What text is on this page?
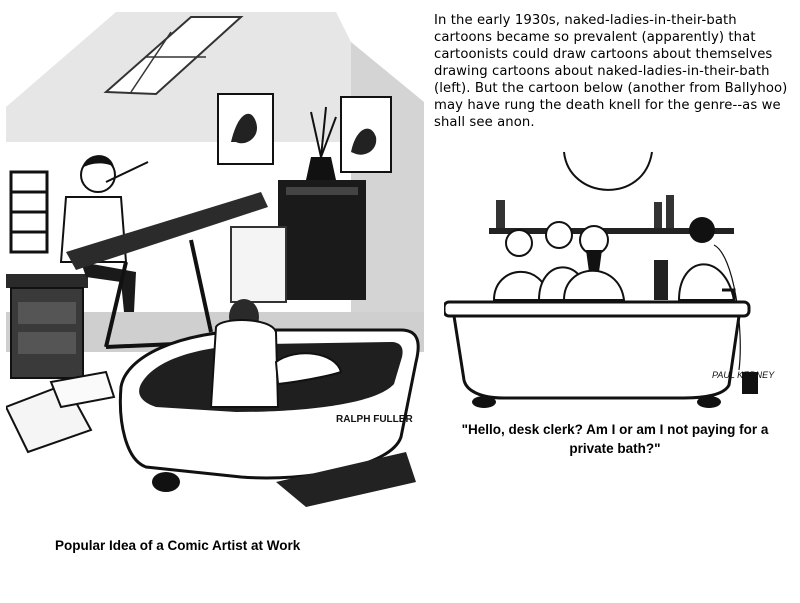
RALPH FULLER
Popular Idea of a Comic Artist at Work
In the early 1930s, naked-ladies-in-their-bath cartoons became so prevalent (apparently) that cartoonists could draw cartoons about themselves drawing cartoons about naked-ladies-in-their-bath (left). But the cartoon below (another from Ballyhoo) may have rung the death knell for the genre--as we shall see anon.
PAUL KERNEY
"Hello, desk clerk? Am I or am I not paying for a private bath?"
